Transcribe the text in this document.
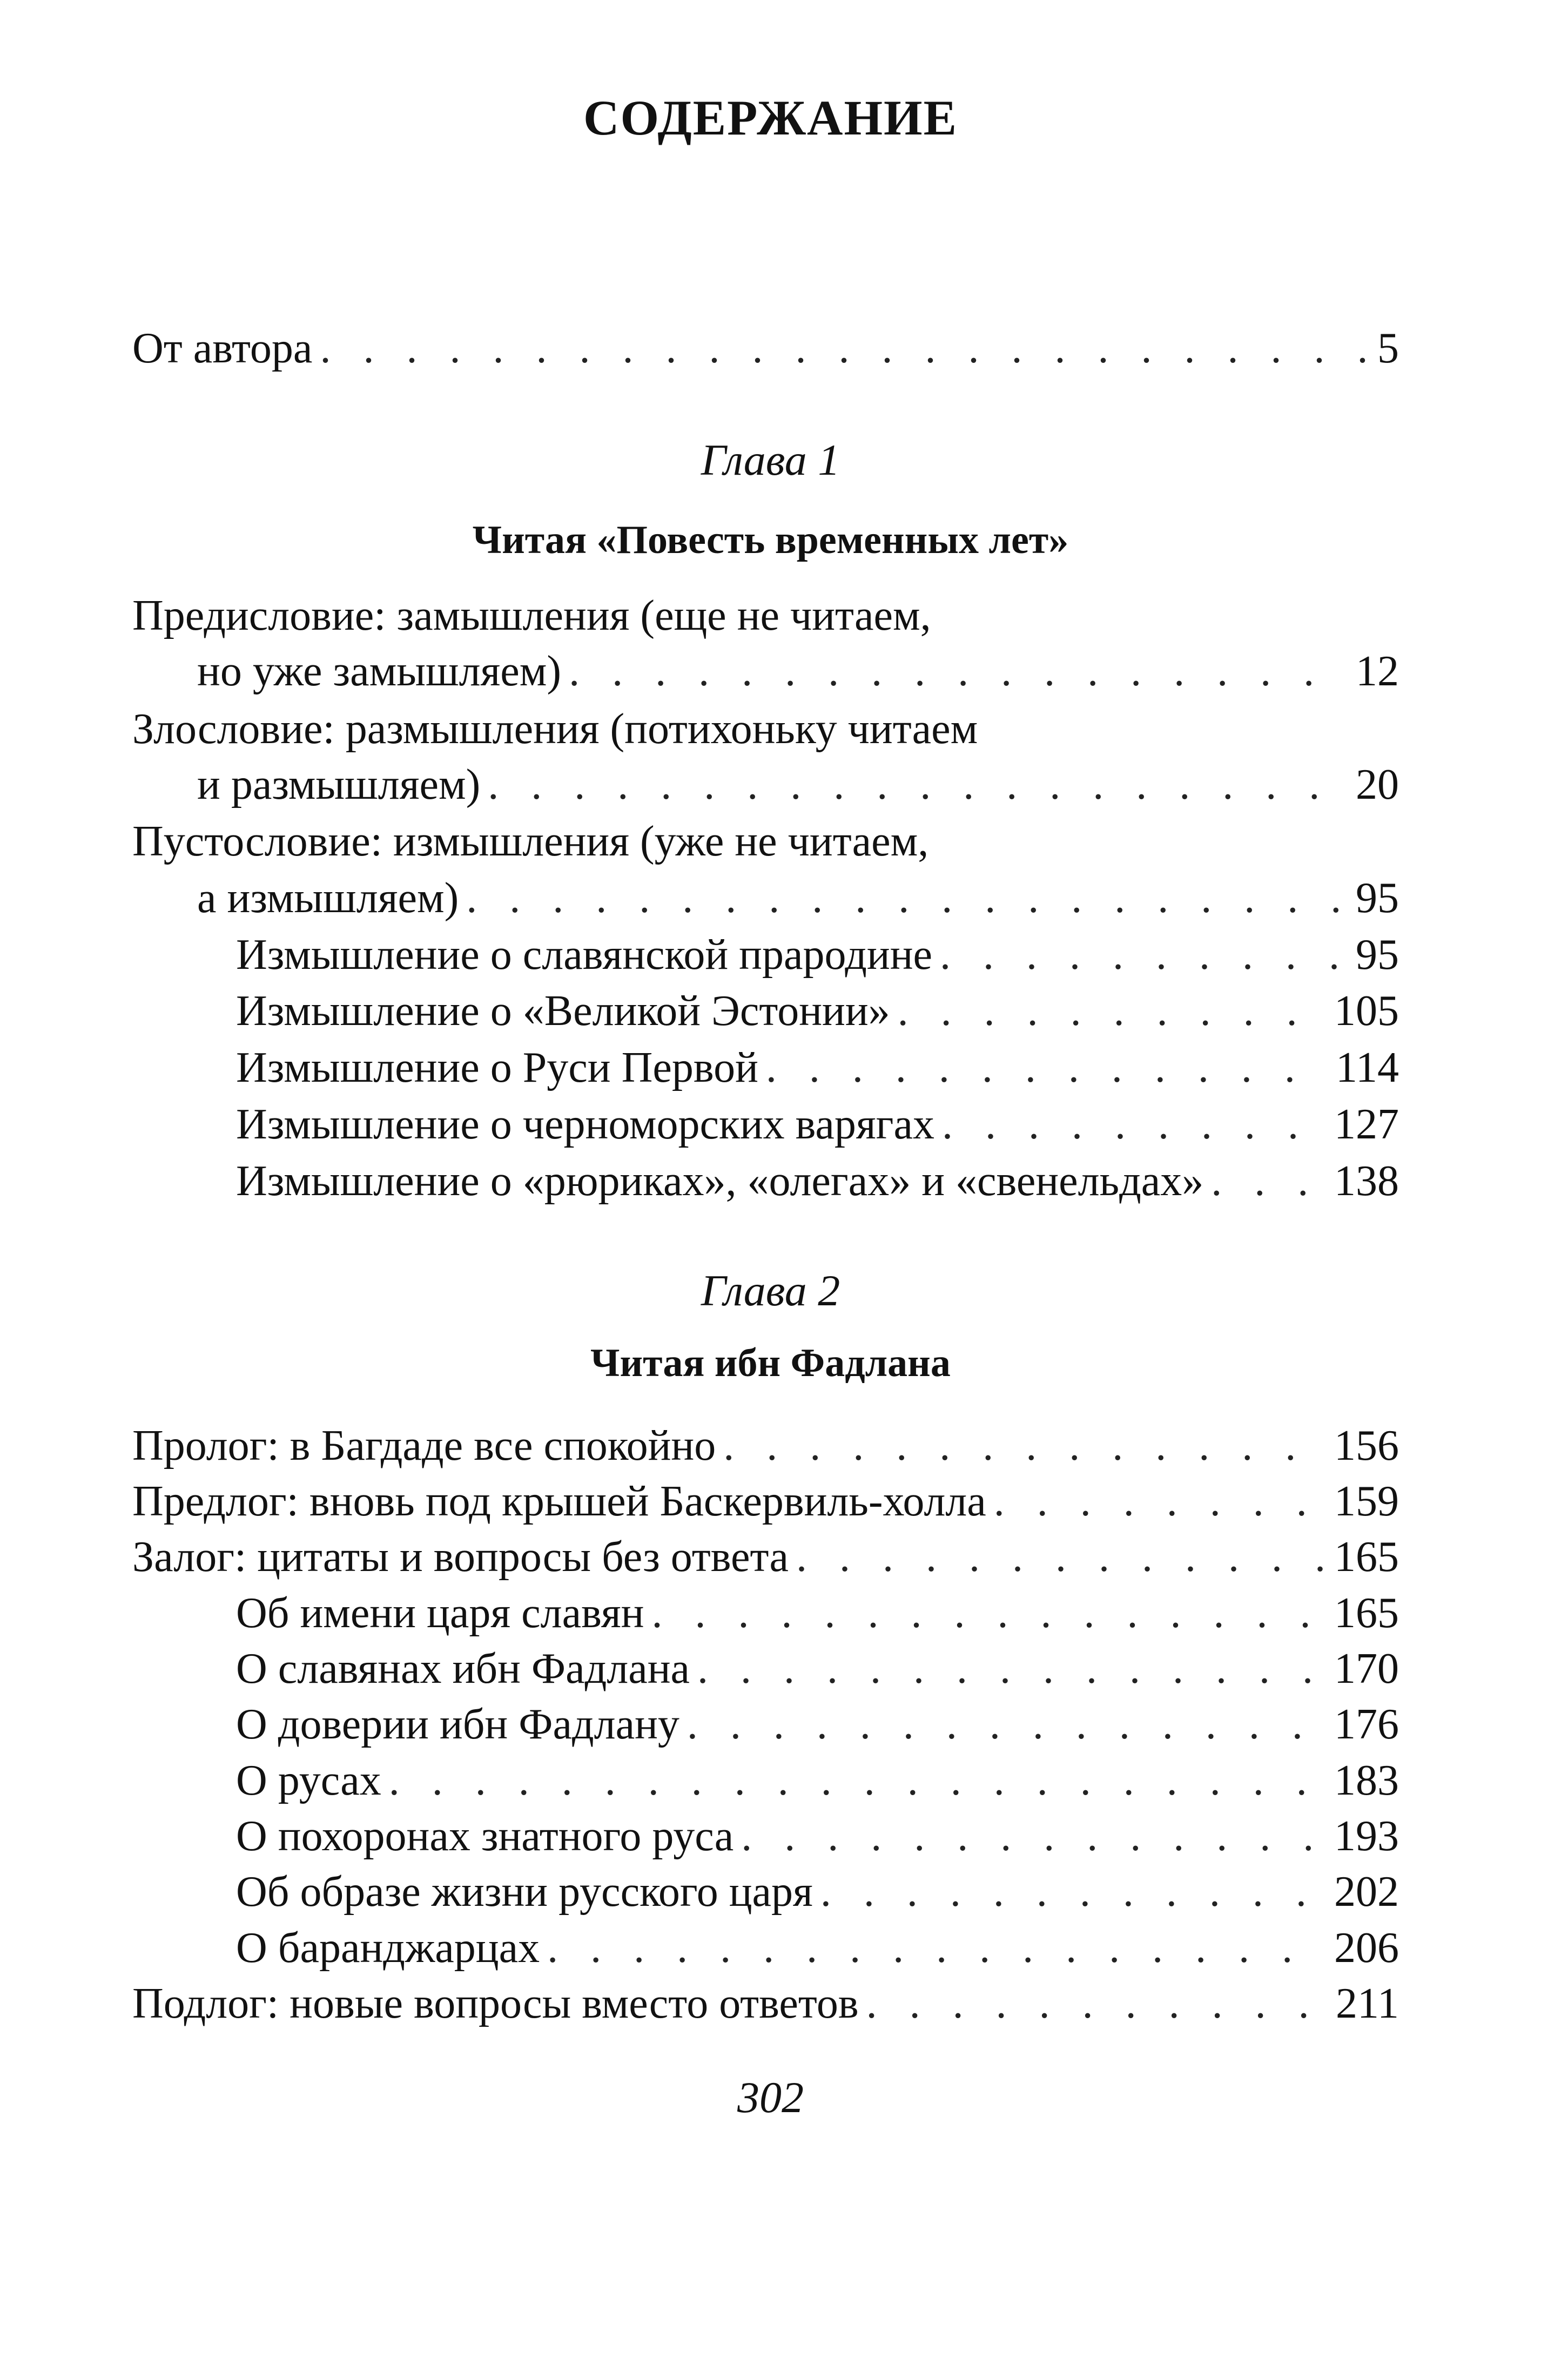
СОДЕРЖАНИЕ
От автора . . .	5
Глава 1
Читая «Повесть временных лет»
Предисловие: замышления (еще не читаем,
но уже замышляем) . . .	12
Злословие: размышления (потихоньку читаем
и размышляем) . . .	20
Пустословие: измышления (уже не читаем,
а измышляем) . . .	95
Измышление о славянской прародине . . .	95
Измышление о «Великой Эстонии» . . .	105
Измышление о Руси Первой . . .	114
Измышление о черноморских варягах . . .	127
Измышление о «рюриках», «олегах» и «свенельдах» . . .	138
Глава 2
Читая ибн Фадлана
Пролог: в Багдаде все спокойно . . .	156
Предлог: вновь под крышей Баскервиль-холла . . .	159
Залог: цитаты и вопросы без ответа . . .	165
Об имени царя славян . . .	165
О славянах ибн Фадлана . . .	170
О доверии ибн Фадлану . . .	176
О русах . . .	183
О похоронах знатного руса . . .	193
Об образе жизни русского царя . . .	202
О баранджарцах . . .	206
Подлог: новые вопросы вместо ответов . . .	211
302
